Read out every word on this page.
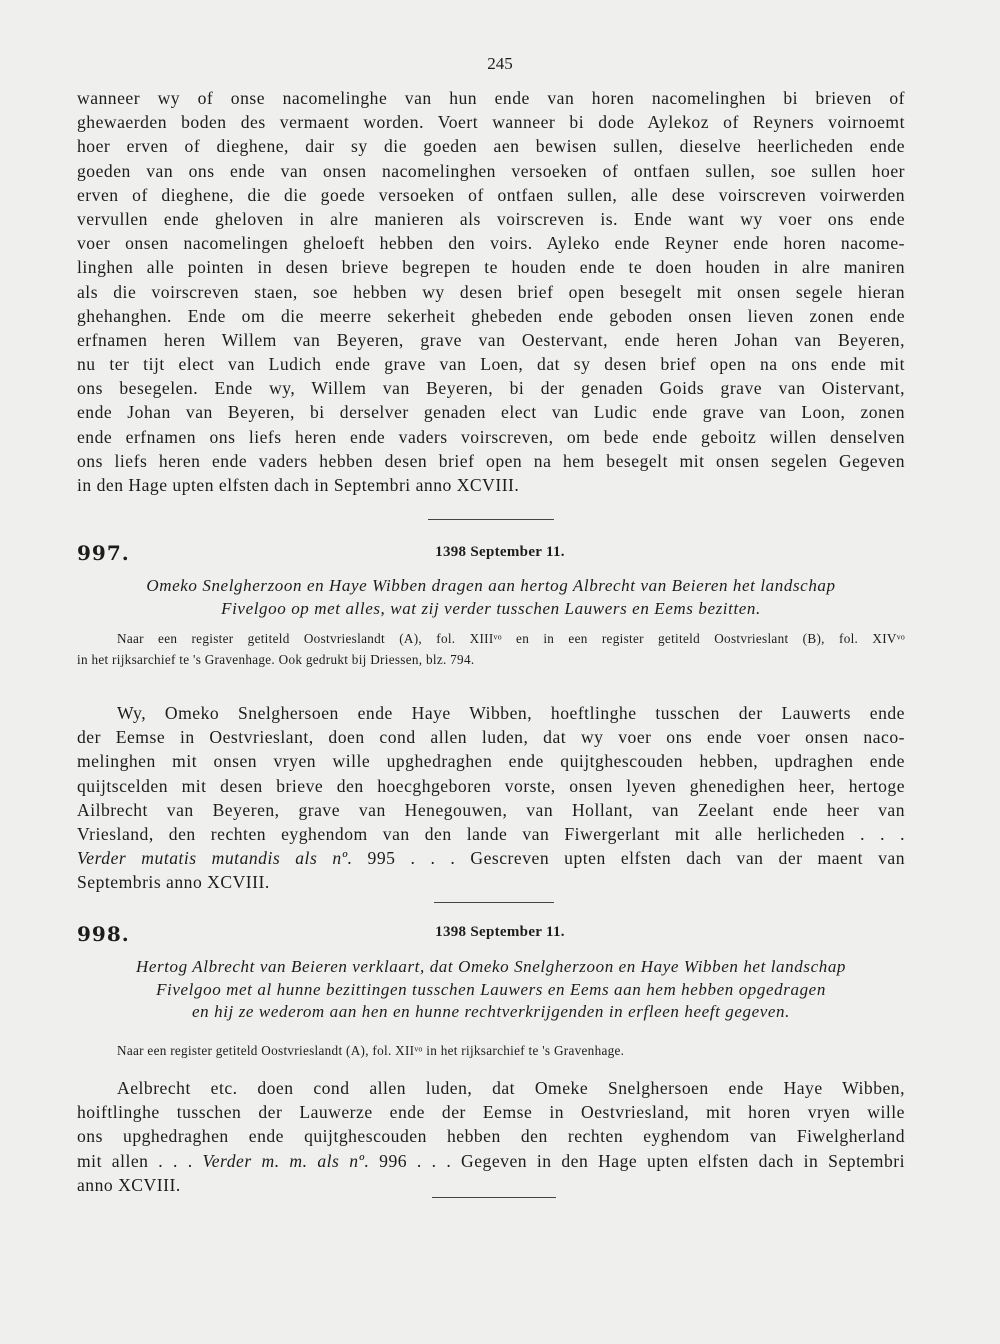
245
wanneer wy of onse nacomelinghe van hun ende van horen nacomelinghen bi brieven of
ghewaerden boden des vermaent worden. Voert wanneer bi dode Aylekoz of Reyners voirnoemt
hoer erven of dieghene, dair sy die goeden aen bewisen sullen, dieselve heerlicheden ende
goeden van ons ende van onsen nacomelinghen versoeken of ontfaen sullen, soe sullen hoer
erven of dieghene, die die goede versoeken of ontfaen sullen, alle dese voirscreven voirwerden
vervullen ende gheloven in alre manieren als voirscreven is. Ende want wy voer ons ende
voer onsen nacomelingen gheloeft hebben den voirs. Ayleko ende Reyner ende horen nacome-
linghen alle pointen in desen brieve begrepen te houden ende te doen houden in alre maniren
als die voirscreven staen, soe hebben wy desen brief open besegelt mit onsen segele hieran
ghehanghen. Ende om die meerre sekerheit ghebeden ende geboden onsen lieven zonen ende
erfnamen heren Willem van Beyeren, grave van Oestervant, ende heren Johan van Beyeren,
nu ter tijt elect van Ludich ende grave van Loen, dat sy desen brief open na ons ende mit
ons besegelen. Ende wy, Willem van Beyeren, bi der genaden Goids grave van Oistervant,
ende Johan van Beyeren, bi derselver genaden elect van Ludic ende grave van Loon, zonen
ende erfnamen ons liefs heren ende vaders voirscreven, om bede ende geboitz willen denselven
ons liefs heren ende vaders hebben desen brief open na hem besegelt mit onsen segelen Gegeven
in den Hage upten elfsten dach in Septembri anno XCVIII.
997.	1398 September 11.
Omeko Snelgherzoon en Haye Wibben dragen aan hertog Albrecht van Beieren het landschap
Fivelgoo op met alles, wat zij verder tusschen Lauwers en Eems bezitten.
Naar een register getiteld Oostvrieslandt (A), fol. XIIIᵛᵒ en in een register getiteld Oostvrieslant (B), fol. XIVᵛᵒ
in het rijksarchief te 's Gravenhage. Ook gedrukt bij Driessen, blz. 794.
Wy, Omeko Snelghersoen ende Haye Wibben, hoeftlinghe tusschen der Lauwerts ende
der Eemse in Oestvrieslant, doen cond allen luden, dat wy voer ons ende voer onsen naco-
melinghen mit onsen vryen wille upghedraghen ende quijtghescouden hebben, updraghen ende
quijtscelden mit desen brieve den hoecghgeboren vorste, onsen lyeven ghenedighen heer, hertoge
Ailbrecht van Beyeren, grave van Henegouwen, van Hollant, van Zeelant ende heer van
Vriesland, den rechten eyghendom van den lande van Fiwergerlant mit alle herlicheden . . .
Verder mutatis mutandis als nº. 995 . . . Gescreven upten elfsten dach van der maent van
Septembris anno XCVIII.
998.	1398 September 11.
Hertog Albrecht van Beieren verklaart, dat Omeko Snelgherzoon en Haye Wibben het landschap
Fivelgoo met al hunne bezittingen tusschen Lauwers en Eems aan hem hebben opgedragen
en hij ze wederom aan hen en hunne rechtverkrijgenden in erfleen heeft gegeven.
Naar een register getiteld Oostvrieslandt (A), fol. XIIᵛᵒ in het rijksarchief te 's Gravenhage.
Aelbrecht etc. doen cond allen luden, dat Omeke Snelghersoen ende Haye Wibben,
hoiftlinghe tusschen der Lauwerze ende der Eemse in Oestvriesland, mit horen vryen wille
ons upghedraghen ende quijtghescouden hebben den rechten eyghendom van Fiwelgherland
mit allen . . . Verder m. m. als nº. 996 . . . Gegeven in den Hage upten elfsten dach in Septembri
anno XCVIII.
